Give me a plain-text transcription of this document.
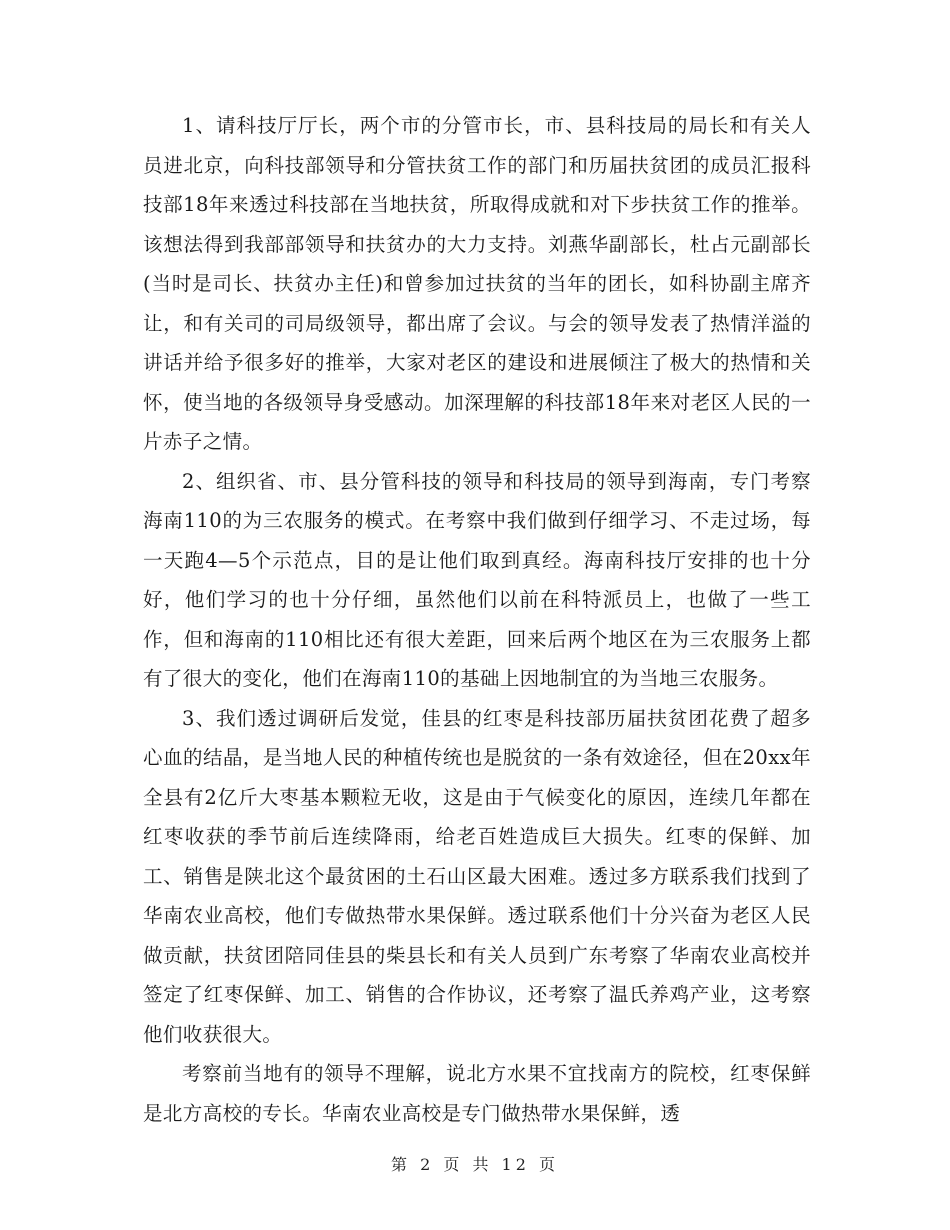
1、请科技厅厅长，两个市的分管市长，市、县科技局的局长和有关人员进北京，向科技部领导和分管扶贫工作的部门和历届扶贫团的成员汇报科技部18年来透过科技部在当地扶贫，所取得成就和对下步扶贫工作的推举。该想法得到我部部领导和扶贫办的大力支持。刘燕华副部长，杜占元副部长(当时是司长、扶贫办主任)和曾参加过扶贫的当年的团长，如科协副主席齐让，和有关司的司局级领导，都出席了会议。与会的领导发表了热情洋溢的讲话并给予很多好的推举，大家对老区的建设和进展倾注了极大的热情和关怀，使当地的各级领导身受感动。加深理解的科技部18年来对老区人民的一片赤子之情。

2、组织省、市、县分管科技的领导和科技局的领导到海南，专门考察海南110的为三农服务的模式。在考察中我们做到仔细学习、不走过场，每一天跑4—5个示范点，目的是让他们取到真经。海南科技厅安排的也十分好，他们学习的也十分仔细，虽然他们以前在科特派员上，也做了一些工作，但和海南的110相比还有很大差距，回来后两个地区在为三农服务上都有了很大的变化，他们在海南110的基础上因地制宜的为当地三农服务。

3、我们透过调研后发觉，佳县的红枣是科技部历届扶贫团花费了超多心血的结晶，是当地人民的种植传统也是脱贫的一条有效途径，但在20xx年全县有2亿斤大枣基本颗粒无收，这是由于气候变化的原因，连续几年都在红枣收获的季节前后连续降雨，给老百姓造成巨大损失。红枣的保鲜、加工、销售是陕北这个最贫困的土石山区最大困难。透过多方联系我们找到了华南农业高校，他们专做热带水果保鲜。透过联系他们十分兴奋为老区人民做贡献，扶贫团陪同佳县的柴县长和有关人员到广东考察了华南农业高校并签定了红枣保鲜、加工、销售的合作协议，还考察了温氏养鸡产业，这考察他们收获很大。

考察前当地有的领导不理解，说北方水果不宜找南方的院校，红枣保鲜是北方高校的专长。华南农业高校是专门做热带水果保鲜，透

第 2 页 共 12 页
